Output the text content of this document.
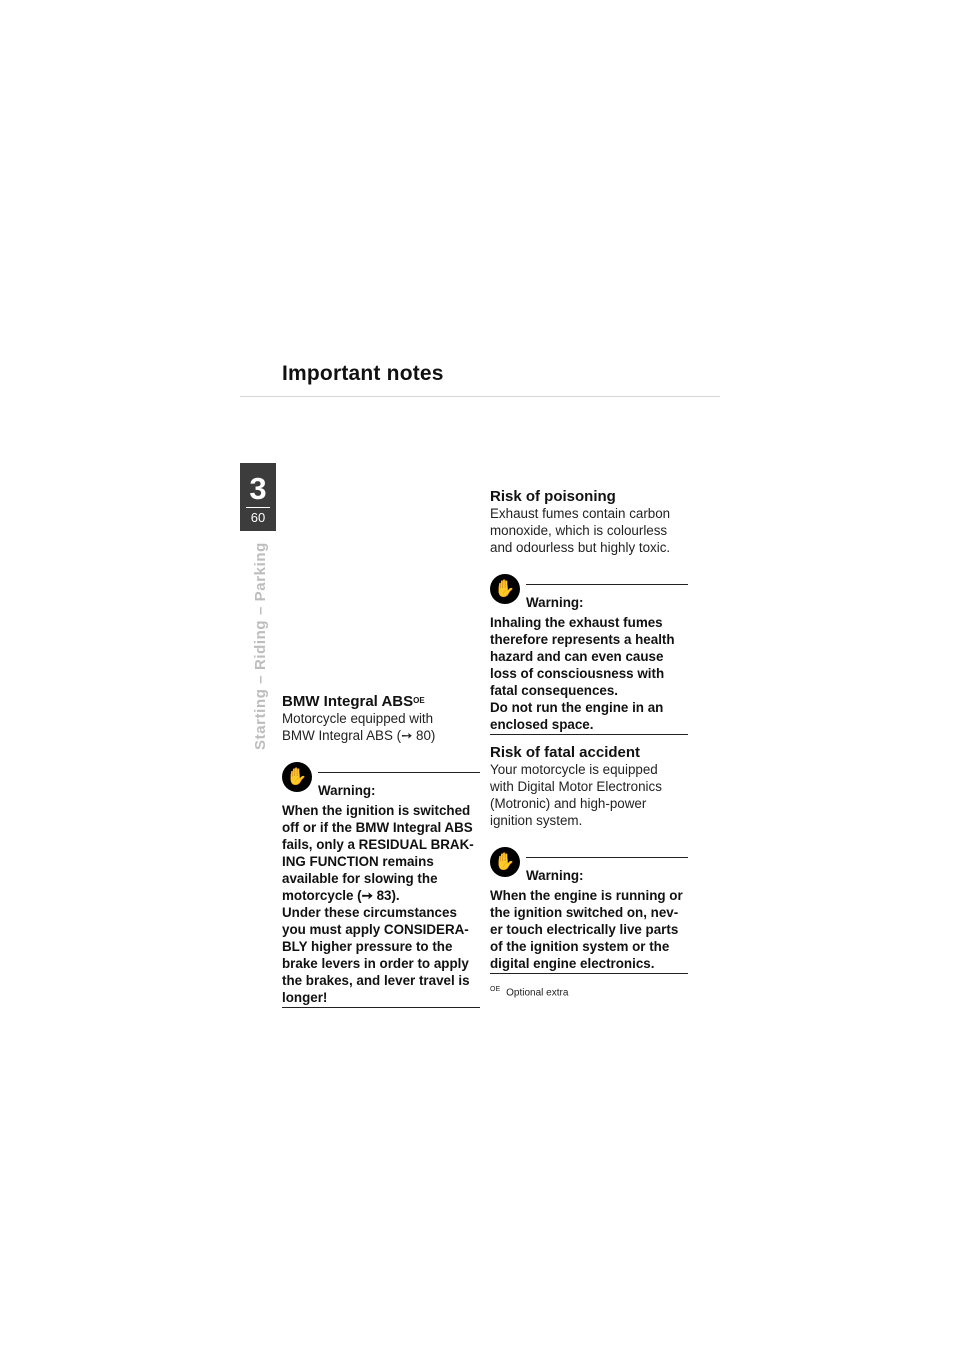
Important notes
3
60
Starting – Riding – Parking BMW Integral $ABS^{OE}$
Motorcycle equipped with
BMW Integral ABS (➙ 80)
✋
Warning:
When the ignition is switched
off or if the BMW Integral ABS
fails, only a RESIDUAL BRAK-
ING FUNCTION remains
available for slowing the
motorcycle (➙ 83).
Under these circumstances
you must apply CONSIDERA-
BLY higher pressure to the
brake levers in order to apply
the brakes, and lever travel is
longer!
Risk of poisoning
Exhaust fumes contain carbon
monoxide, which is colourless
and odourless but highly toxic.
✋
Warning:
Inhaling the exhaust fumes
therefore represents a health
hazard and can even cause
loss of consciousness with
fatal consequences.
Do not run the engine in an
enclosed space.
Risk of fatal accident
Your motorcycle is equipped
with Digital Motor Electronics
(Motronic) and high-power
ignition system.
✋
Warning:
When the engine is running or
the ignition switched on, nev-
er touch electrically live parts
of the ignition system or the
digital engine electronics.
$^{OE}$ Optional extra
